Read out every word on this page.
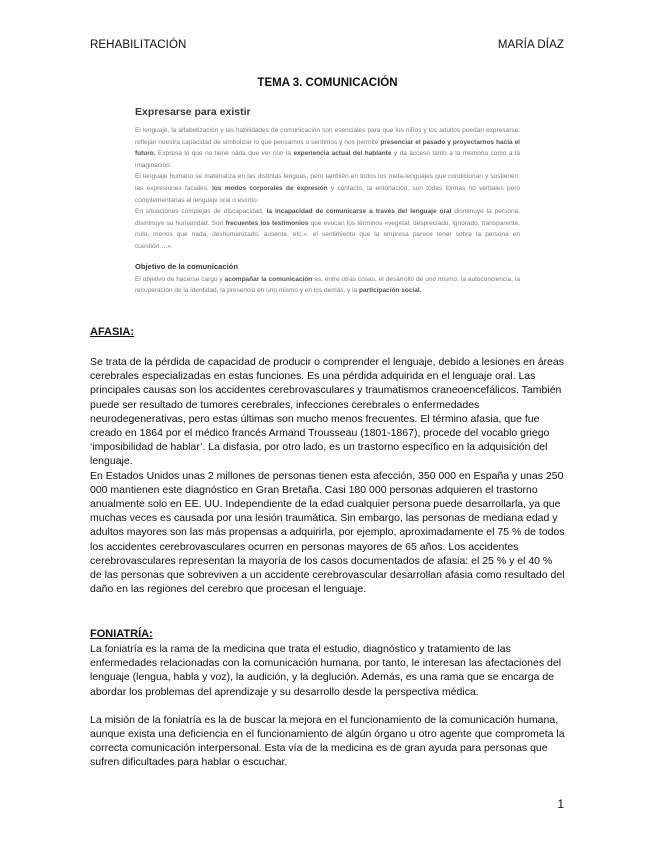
REHABILITACIÓN	MARÍA DÍAZ
TEMA 3. COMUNICACIÓN
Expresarse para existir

El lenguaje, la alfabetización y las habilidades de comunicación son esenciales para que los niños y los adultos puedan expresarse: reflejan nuestra capacidad de simbolizar lo que pensamos o sentimos y nos permite presenciar el pasado y proyectarnos hacia el futuro. Expresa lo que no tiene nada que ver con la experiencia actual del hablante y da acceso tanto a la memoria como a la imaginación.

El lenguaje humano se materializa en las distintas lenguas, pero también en todos los meta-lenguajes que condicionan y sostienen: las expresiones faciales, los modos corporales de expresión y contacto, la entonación, son todas formas no verbales pero complementarias al lenguaje oral o escrito.

En situaciones complejas de discapacidad, la incapacidad de comunicarse a través del lenguaje oral disminuye la persona, disminuye su humanidad. Son frecuentes los testimonios que evocan los términos «vegetal, despreciado, ignorado, transparente, nulo, menos que nada, deshumanizado, ausente, etc.». el sentimiento que la empresa parece tener sobre la persona en cuestión….».

Objetivo de la comunicación

El objetivo de hacerse cargo y acompañar la comunicación es, entre otras cosas, el desarrollo de uno mismo, la autoconciencia, la recuperación de la identidad, la presencia en uno mismo y en los demás, y la participación social.

AFASIA:

Se trata de la pérdida de capacidad de producir o comprender el lenguaje, debido a lesiones en áreas cerebrales especializadas en estas funciones. Es una pérdida adquirida en el lenguaje oral. Las principales causas son los accidentes cerebrovasculares y traumatismos craneoencefálicos. También puede ser resultado de tumores cerebrales, infecciones cerebrales o enfermedades neurodegenerativas, pero estas últimas son mucho menos frecuentes. El término afasia, que fue creado en 1864 por el médico francés Armand Trousseau (1801-1867), procede del vocablo griego ‘imposibilidad de hablar’. La disfasia, por otro lado, es un trastorno específico en la adquisición del lenguaje.

En Estados Unidos unas 2 millones de personas tienen esta afección, 350 000 en España y unas 250 000 mantienen este diagnóstico en Gran Bretaña. Casi 180 000 personas adquieren el trastorno anualmente solo en EE. UU. Independiente de la edad cualquier persona puede desarrollarla, ya que muchas veces es causada por una lesión traumática. Sin embargo, las personas de mediana edad y adultos mayores son las más propensas a adquirirla, por ejemplo, aproximadamente el 75 % de todos los accidentes cerebrovasculares ocurren en personas mayores de 65 años. Los accidentes cerebrovasculares representan la mayoría de los casos documentados de afasia: el 25 % y el 40 % de las personas que sobreviven a un accidente cerebrovascular desarrollan afasia como resultado del daño en las regiones del cerebro que procesan el lenguaje.

FONIATRÍA:

La foniatría es la rama de la medicina que trata el estudio, diagnóstico y tratamiento de las enfermedades relacionadas con la comunicación humana, por tanto, le interesan las afectaciones del lenguaje (lengua, habla y voz), la audición, y la deglución. Además, es una rama que se encarga de abordar los problemas del aprendizaje y su desarrollo desde la perspectiva médica.

La misión de la foniatría es la de buscar la mejora en el funcionamiento de la comunicación humana, aunque exista una deficiencia en el funcionamiento de algún órgano u otro agente que comprometa la correcta comunicación interpersonal. Esta vía de la medicina es de gran ayuda para personas que sufren dificultades para hablar o escuchar.

1
